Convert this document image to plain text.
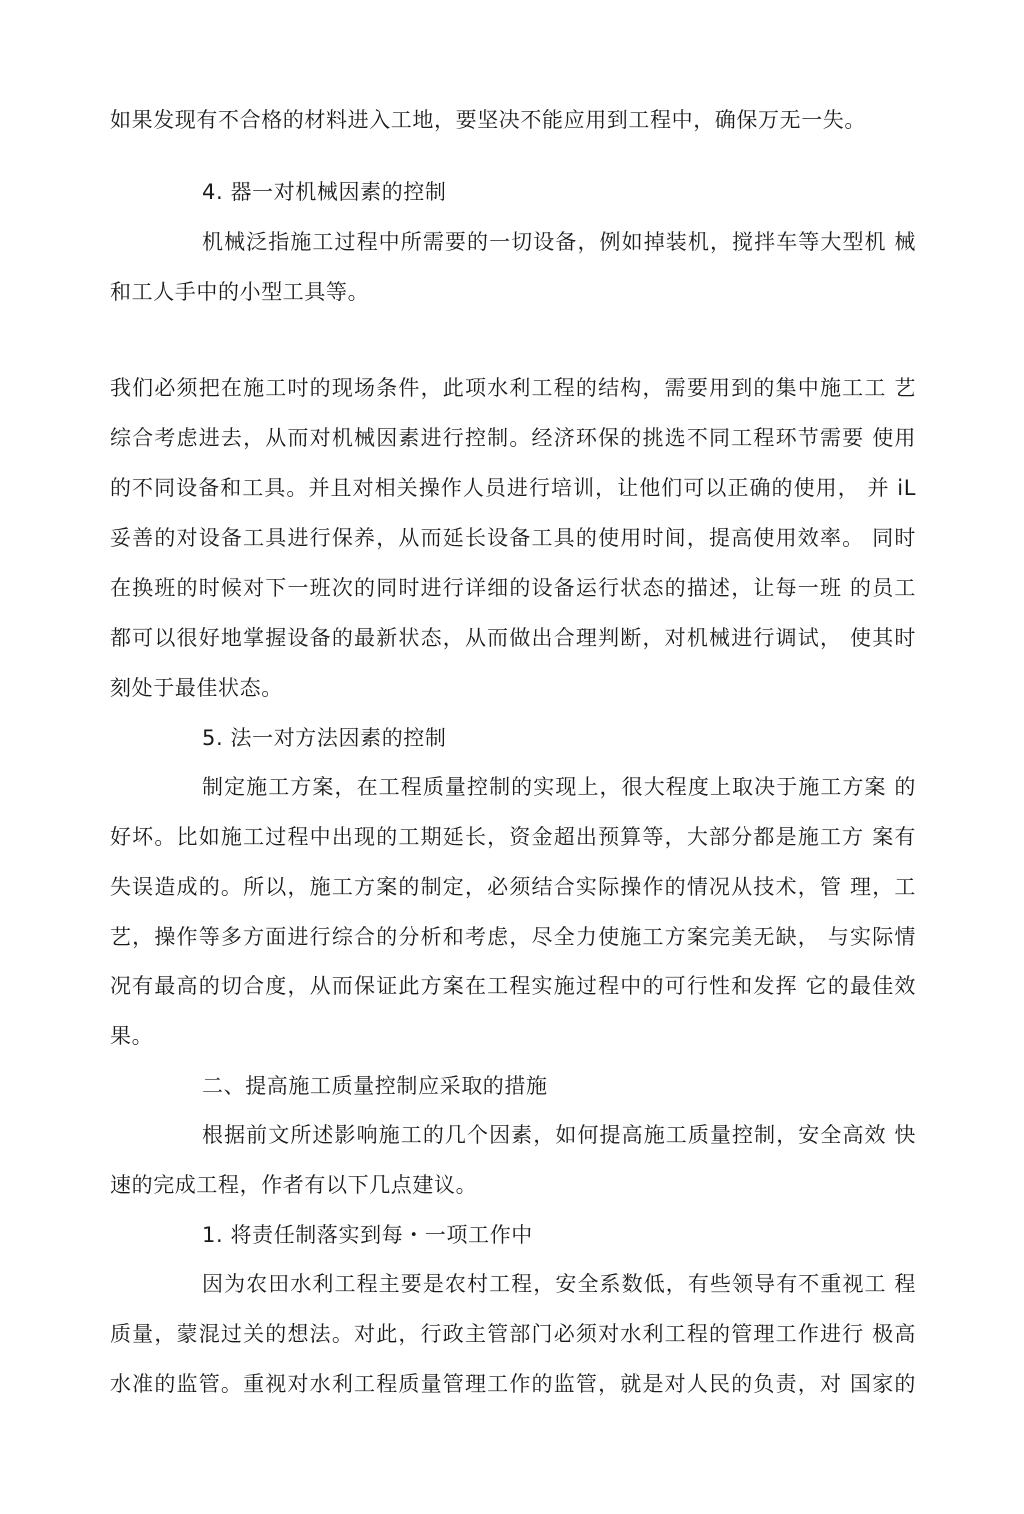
如果发现有不合格的材料进入工地，要坚决不能应用到工程中，确保万无一失。
4. 器一对机械因素的控制
机械泛指施工过程中所需要的一切设备，例如掉装机，搅拌车等大型机 械
和工人手中的小型工具等。
我们必须把在施工吋的现场条件，此项水利工程的结构，需要用到的集中施工工 艺
综合考虑进去，从而对机械因素进行控制。经济环保的挑选不同工程环节需要 使用
的不同设备和工具。并且对相关操作人员进行培训，让他们可以正确的使用， 并 iL
妥善的对设备工具进行保养，从而延长设备工具的使用时间，提高使用效率。 同时
在换班的时候对下一班次的同时进行详细的设备运行状态的描述，让每一班 的员工
都可以很好地掌握设备的最新状态，从而做出合理判断，对机械进行调试， 使其时
刻处于最佳状态。
5. 法一对方法因素的控制
制定施工方案，在工程质量控制的实现上，很大程度上取决于施工方案 的
好坏。比如施工过程中出现的工期延长，资金超出预算等，大部分都是施工方 案有
失误造成的。所以，施工方案的制定，必须结合实际操作的情况从技术，管 理，工
艺，操作等多方面进行综合的分析和考虑，尽全力使施工方案完美无缺， 与实际情
况有最高的切合度，从而保证此方案在工程实施过程中的可行性和发挥 它的最佳效
果。
二、提高施工质量控制应采取的措施
根据前文所述影响施工的几个因素，如何提高施工质量控制，安全高效 快
速的完成工程，作者有以下几点建议。
1. 将责任制落实到每・一项工作中
因为农田水利工程主要是农村工程，安全系数低，有些领导有不重视工 程
质量，蒙混过关的想法。对此，行政主管部门必须对水利工程的管理工作进行 极高
水准的监管。重视对水利工程质量管理工作的监管，就是对人民的负责，对 国家的
